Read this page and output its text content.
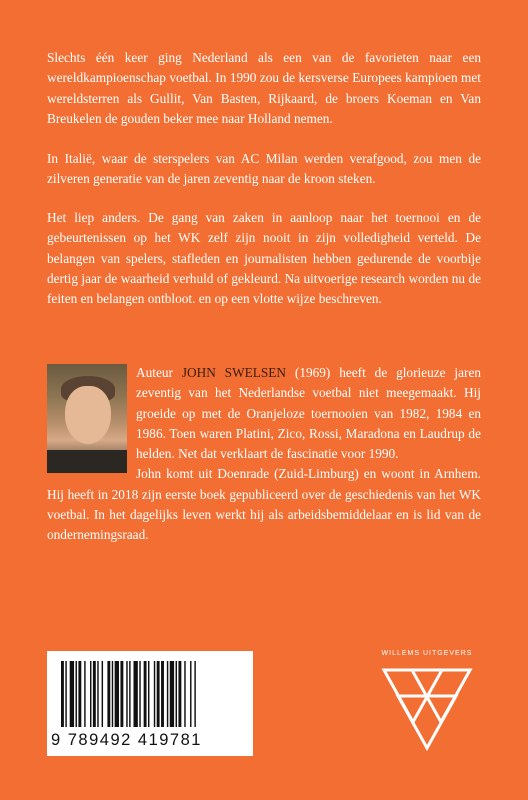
Slechts één keer ging Nederland als een van de favorieten naar een wereldkampioenschap voetbal. In 1990 zou de kersverse Europees kampioen met wereldsterren als Gullit, Van Basten, Rijkaard, de broers Koeman en Van Breukelen de gouden beker mee naar Holland nemen.

In Italië, waar de sterspelers van AC Milan werden verafgood, zou men de zilveren generatie van de jaren zeventig naar de kroon steken.

Het liep anders. De gang van zaken in aanloop naar het toernooi en de gebeurtenissen op het WK zelf zijn nooit in zijn volledigheid verteld. De belangen van spelers, stafleden en journalisten hebben gedurende de voorbije dertig jaar de waarheid verhuld of gekleurd. Na uitvoerige research worden nu de feiten en belangen ontbloot. en op een vlotte wijze beschreven.

Auteur JOHN SWELSEN (1969) heeft de glorieuze jaren zeventig van het Nederlandse voetbal niet meegemaakt. Hij groeide op met de Oranjeloze toernooien van 1982, 1984 en 1986. Toen waren Platini, Zico, Rossi, Maradona en Laudrup de helden. Net dat verklaart de fascinatie voor 1990.
John komt uit Doenrade (Zuid-Limburg) en woont in Arnhem. Hij heeft in 2018 zijn eerste boek gepubliceerd over de geschiedenis van het WK voetbal. In het dagelijks leven werkt hij als arbeidsbemiddelaar en is lid van de ondernemingsraad.

9 789492 419781
WILLEMS UITGEVERS
